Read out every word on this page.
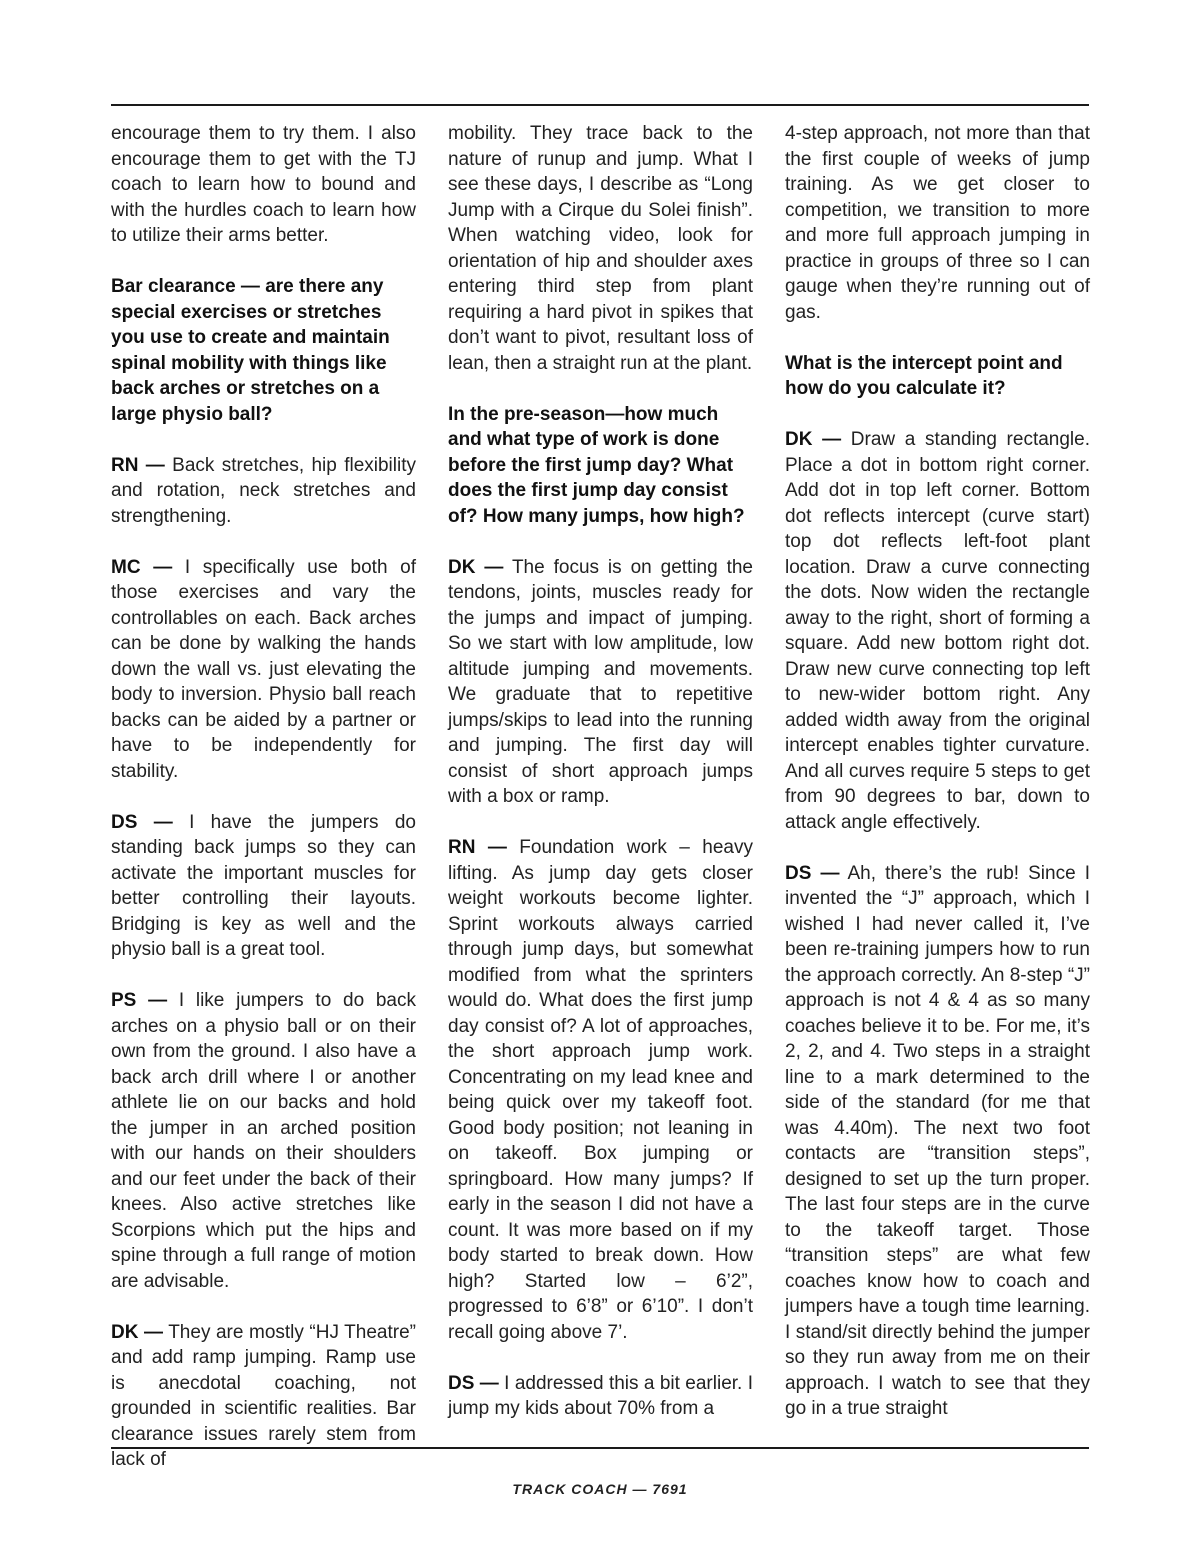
encourage them to try them. I also encourage them to get with the TJ coach to learn how to bound and with the hurdles coach to learn how to utilize their arms better.

Bar clearance — are there any special exercises or stretches you use to create and maintain spinal mobility with things like back arches or stretches on a large physio ball?

RN — Back stretches, hip flexibility and rotation, neck stretches and strengthening.

MC — I specifically use both of those exercises and vary the controllables on each. Back arches can be done by walking the hands down the wall vs. just elevating the body to inversion. Physio ball reach backs can be aided by a partner or have to be independently for stability.

DS — I have the jumpers do standing back jumps so they can activate the important muscles for better controlling their layouts. Bridging is key as well and the physio ball is a great tool.

PS — I like jumpers to do back arches on a physio ball or on their own from the ground. I also have a back arch drill where I or another athlete lie on our backs and hold the jumper in an arched position with our hands on their shoulders and our feet under the back of their knees. Also active stretches like Scorpions which put the hips and spine through a full range of motion are advisable.

DK — They are mostly “HJ Theatre” and add ramp jumping. Ramp use is anecdotal coaching, not grounded in scientific realities. Bar clearance issues rarely stem from lack of

mobility. They trace back to the nature of runup and jump. What I see these days, I describe as “Long Jump with a Cirque du Solei finish”. When watching video, look for orientation of hip and shoulder axes entering third step from plant requiring a hard pivot in spikes that don’t want to pivot, resultant loss of lean, then a straight run at the plant.

In the pre-season—how much and what type of work is done before the first jump day? What does the first jump day consist of? How many jumps, how high?

DK — The focus is on getting the tendons, joints, muscles ready for the jumps and impact of jumping. So we start with low amplitude, low altitude jumping and movements. We graduate that to repetitive jumps/skips to lead into the running and jumping. The first day will consist of short approach jumps with a box or ramp.

RN — Foundation work – heavy lifting. As jump day gets closer weight workouts become lighter. Sprint workouts always carried through jump days, but somewhat modified from what the sprinters would do. What does the first jump day consist of? A lot of approaches, the short approach jump work. Concentrating on my lead knee and being quick over my takeoff foot. Good body position; not leaning in on takeoff. Box jumping or springboard. How many jumps? If early in the season I did not have a count. It was more based on if my body started to break down. How high? Started low – 6’2”, progressed to 6’8” or 6’10”. I don’t recall going above 7’.

DS — I addressed this a bit earlier. I jump my kids about 70% from a

4-step approach, not more than that the first couple of weeks of jump training. As we get closer to competition, we transition to more and more full approach jumping in practice in groups of three so I can gauge when they’re running out of gas.

What is the intercept point and how do you calculate it?

DK — Draw a standing rectangle. Place a dot in bottom right corner. Add dot in top left corner. Bottom dot reflects intercept (curve start) top dot reflects left-foot plant location. Draw a curve connecting the dots. Now widen the rectangle away to the right, short of forming a square. Add new bottom right dot. Draw new curve connecting top left to new-wider bottom right. Any added width away from the original intercept enables tighter curvature. And all curves require 5 steps to get from 90 degrees to bar, down to attack angle effectively.

DS — Ah, there’s the rub! Since I invented the “J” approach, which I wished I had never called it, I’ve been re-training jumpers how to run the approach correctly. An 8-step “J” approach is not 4 & 4 as so many coaches believe it to be. For me, it’s 2, 2, and 4. Two steps in a straight line to a mark determined to the side of the standard (for me that was 4.40m). The next two foot contacts are “transition steps”, designed to set up the turn proper. The last four steps are in the curve to the takeoff target. Those “transition steps” are what few coaches know how to coach and jumpers have a tough time learning. I stand/sit directly behind the jumper so they run away from me on their approach. I watch to see that they go in a true straight

TRACK COACH — 7691
